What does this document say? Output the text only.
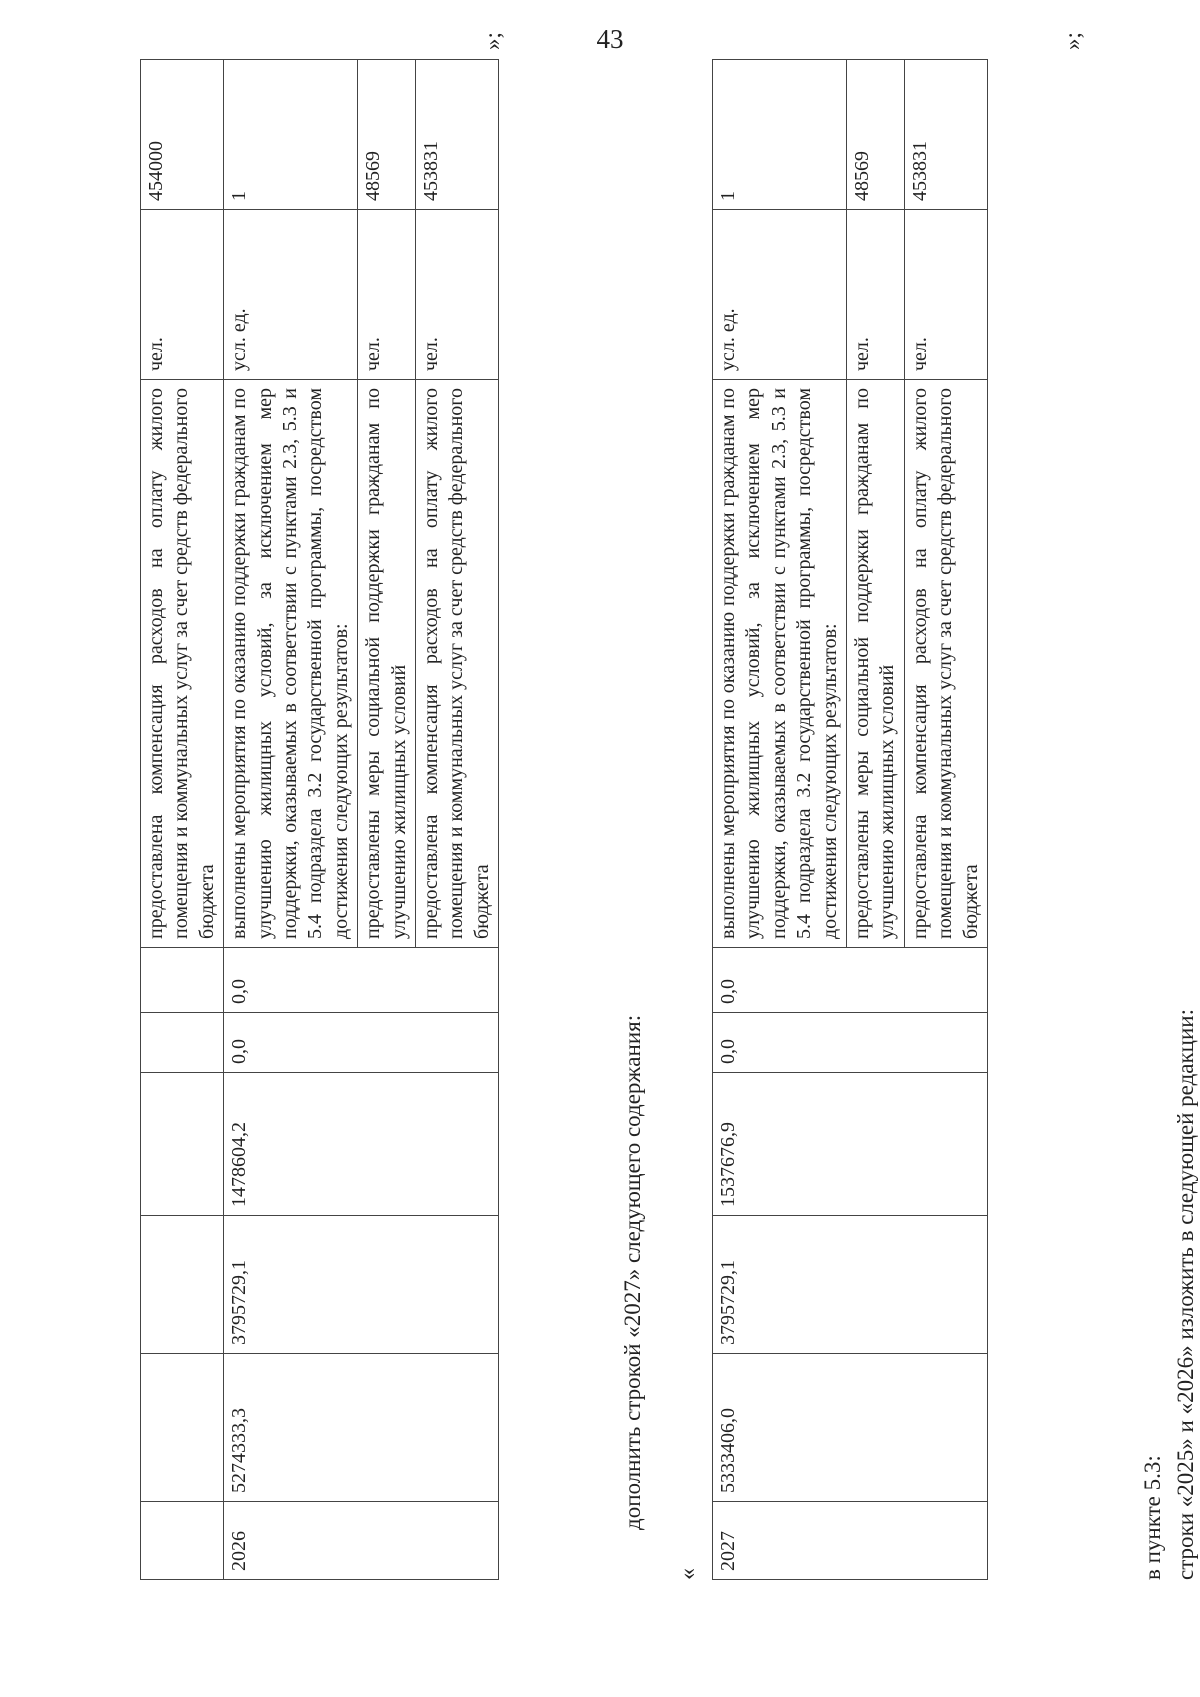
43
						предоставлена компенсация расходов на оплату жилого помещения и коммунальных услуг за счет средств федерального бюджета	чел.	454000
2026	5274333,3	3795729,1	1478604,2	0,0	0,0	выполнены мероприятия по оказанию поддержки гражданам по улучшению жилищных условий, за исключением мер поддержки, оказываемых в соответствии с пунктами 2.3, 5.3 и 5.4 подраздела 3.2 государственной программы, посредством достижения следующих результатов:	усл. ед.	1
						предоставлены меры социальной поддержки гражданам по улучшению жилищных условий	чел.	48569
						предоставлена компенсация расходов на оплату жилого помещения и коммунальных услуг за счет средств федерального бюджета	чел.	453831
»;
дополнить строкой «2027» следующего содержания:
«
2027	5333406,0	3795729,1	1537676,9	0,0	0,0	выполнены мероприятия по оказанию поддержки гражданам по улучшению жилищных условий, за исключением мер поддержки, оказываемых в соответствии с пунктами 2.3, 5.3 и 5.4 подраздела 3.2 государственной программы, посредством достижения следующих результатов:	усл. ед.	1
						предоставлены меры социальной поддержки гражданам по улучшению жилищных условий	чел.	48569
						предоставлена компенсация расходов на оплату жилого помещения и коммунальных услуг за счет средств федерального бюджета	чел.	453831
»;
в пункте 5.3: строки «2025» и «2026» изложить в следующей редакции:
